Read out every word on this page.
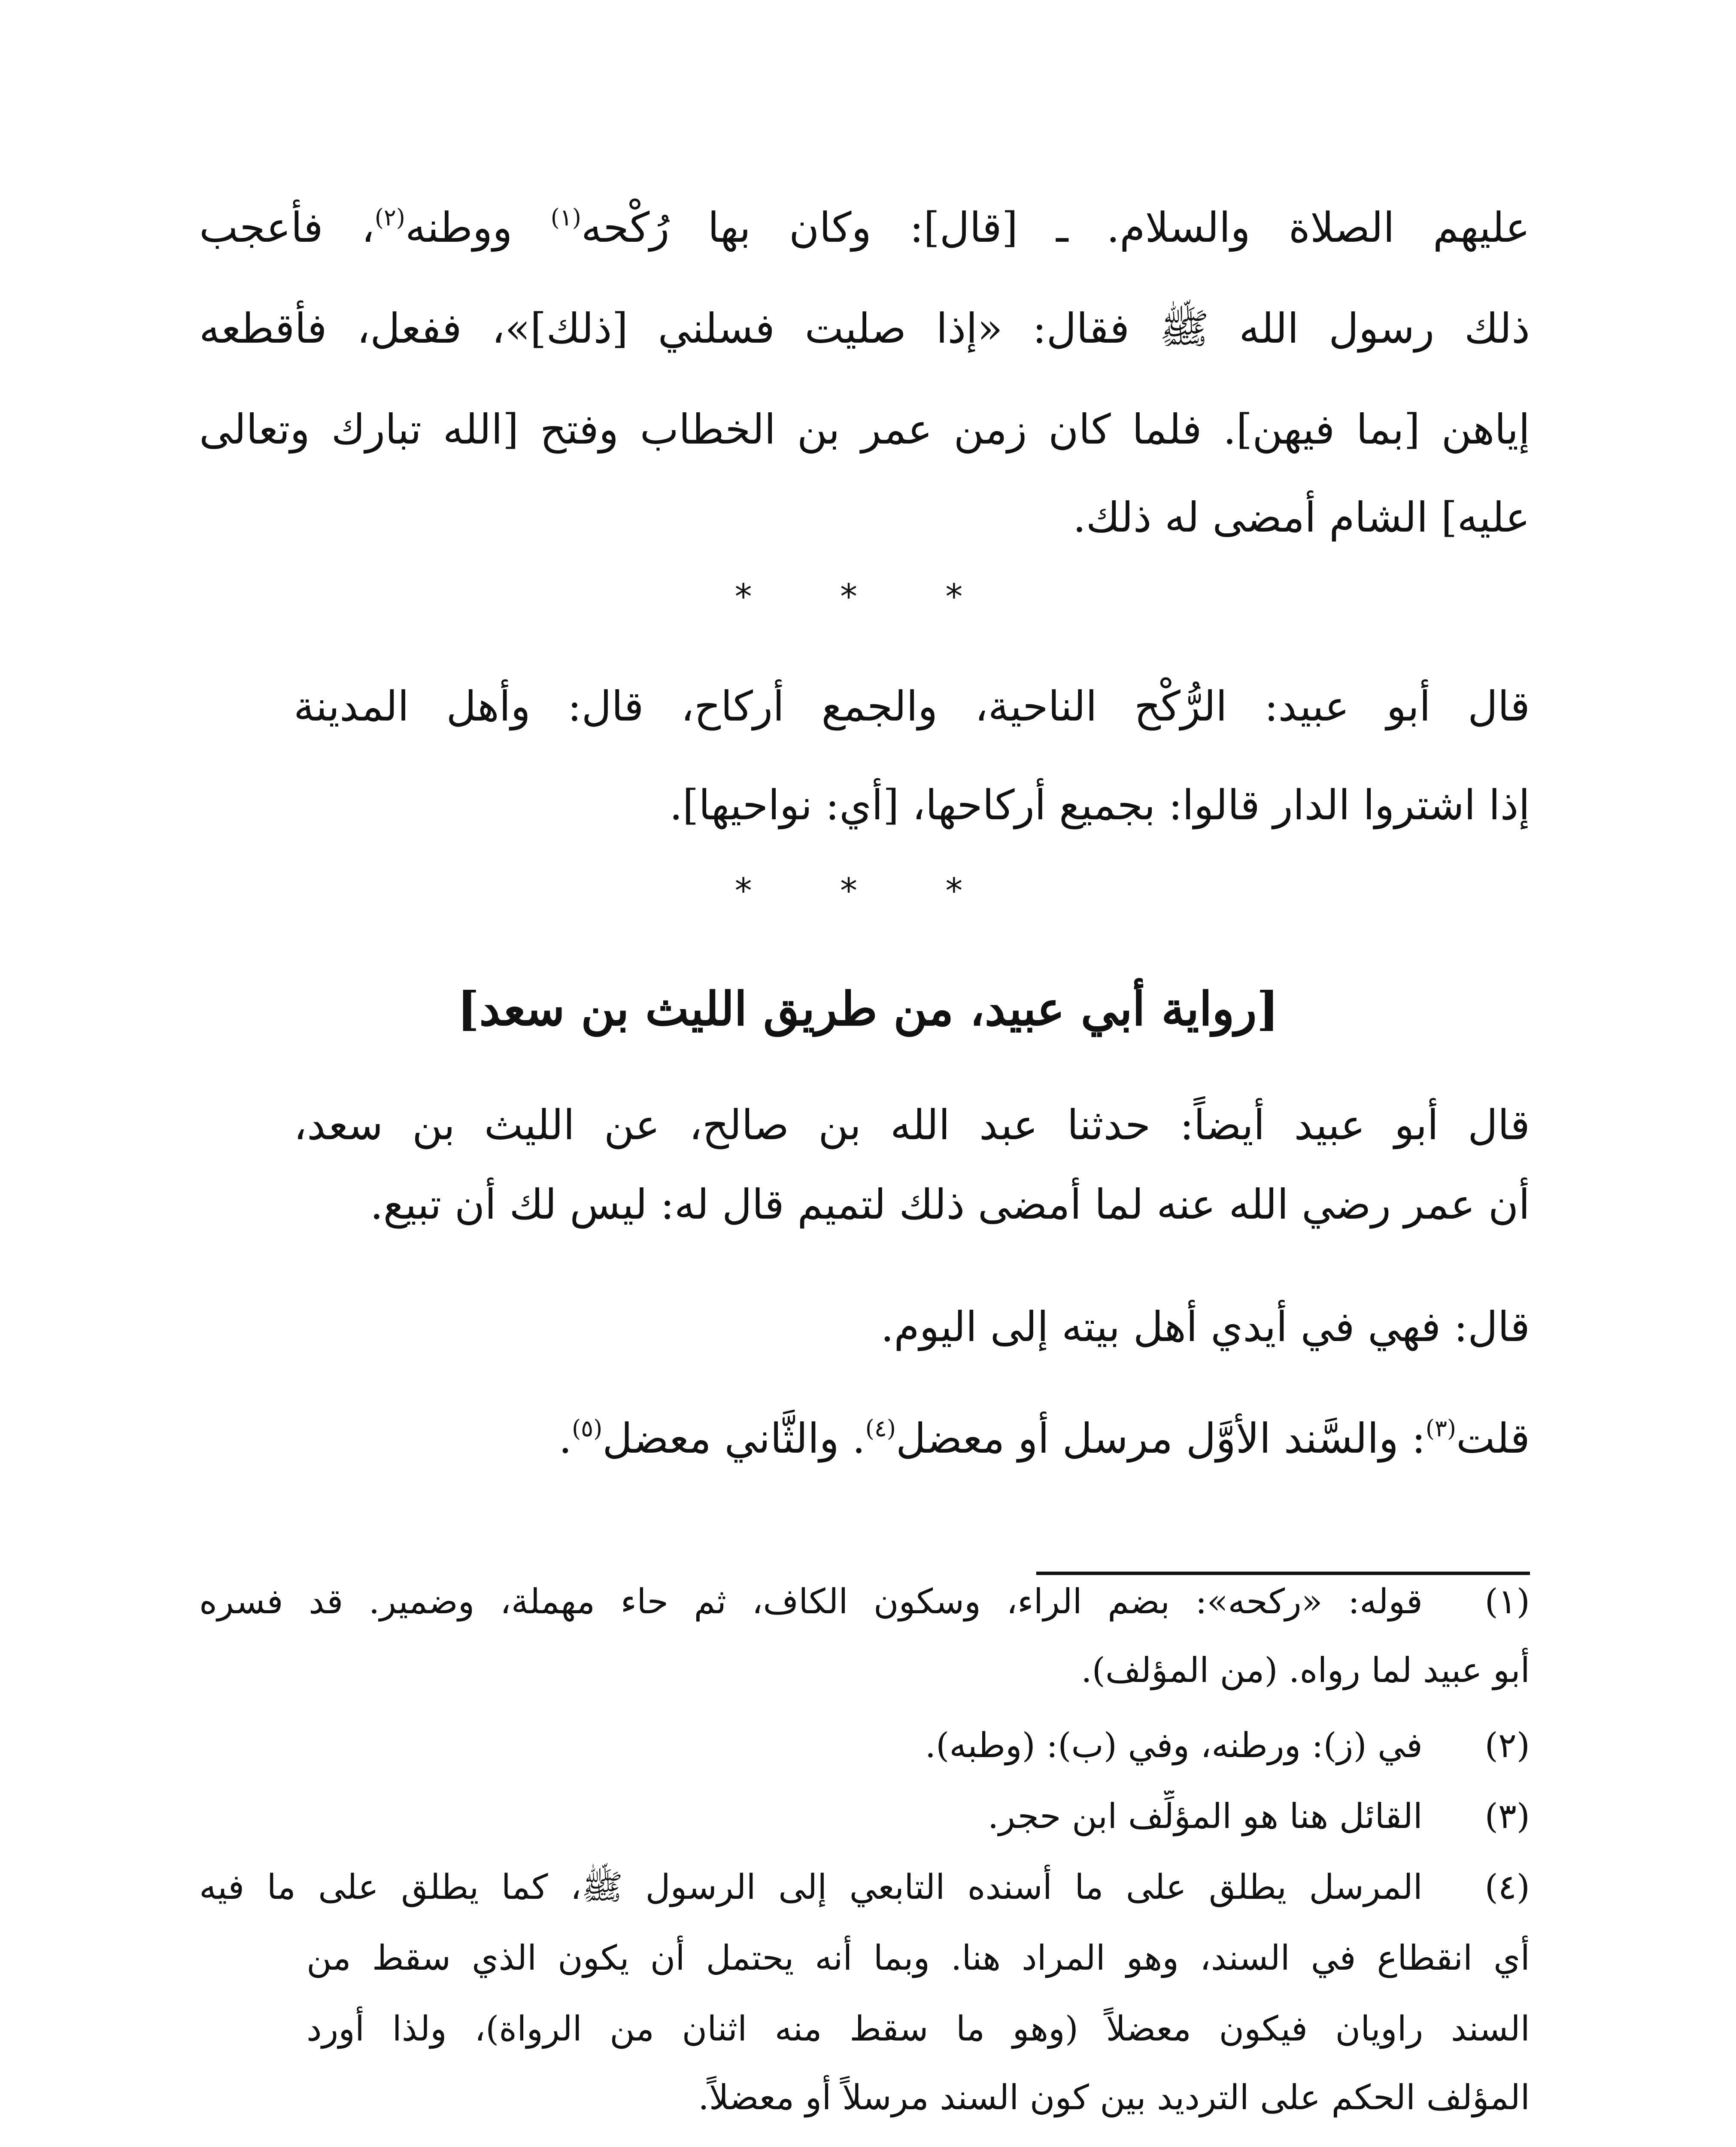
عليهم الصلاة والسلام. ـ [قال]: وكان بها رُكْحه$^{(١)}$ ووطنه$^{(٢)}$، فأعجب

ذلك رسول الله ﷺ فقال: «إذا صليت فسلني [ذلك]»، ففعل، فأقطعه

إياهن [بما فيهن]. فلما كان زمن عمر بن الخطاب وفتح [الله تبارك وتعالى

عليه] الشام أمضى له ذلك.

* * *

قال أبو عبيد: الرُّكْح الناحية، والجمع أركاح، قال: وأهل المدينة

إذا اشتروا الدار قالوا: بجميع أركاحها، [أي: نواحيها].

* * *

[رواية أبي عبيد، من طريق الليث بن سعد]

قال أبو عبيد أيضاً: حدثنا عبد الله بن صالح، عن الليث بن سعد،

أن عمر رضي الله عنه لما أمضى ذلك لتميم قال له: ليس لك أن تبيع.

قال: فهي في أيدي أهل بيته إلى اليوم.

قلت$^{(٣)}$: والسَّند الأوَّل مرسل أو معضل$^{(٤)}$. والثَّاني معضل$^{(٥)}$.

(١)قوله: «ركحه»: بضم الراء، وسكون الكاف، ثم حاء مهملة، وضمير. قد فسره

أبو عبيد لما رواه. (من المؤلف).

(٢)في (ز): ورطنه، وفي (ب): (وطبه).

(٣)القائل هنا هو المؤلِّف ابن حجر.

(٤)المرسل يطلق على ما أسنده التابعي إلى الرسول ﷺ، كما يطلق على ما فيه

أي انقطاع في السند، وهو المراد هنا. وبما أنه يحتمل أن يكون الذي سقط من

السند راويان فيكون معضلاً (وهو ما سقط منه اثنان من الرواة)، ولذا أورد

المؤلف الحكم على الترديد بين كون السند مرسلاً أو معضلاً.
